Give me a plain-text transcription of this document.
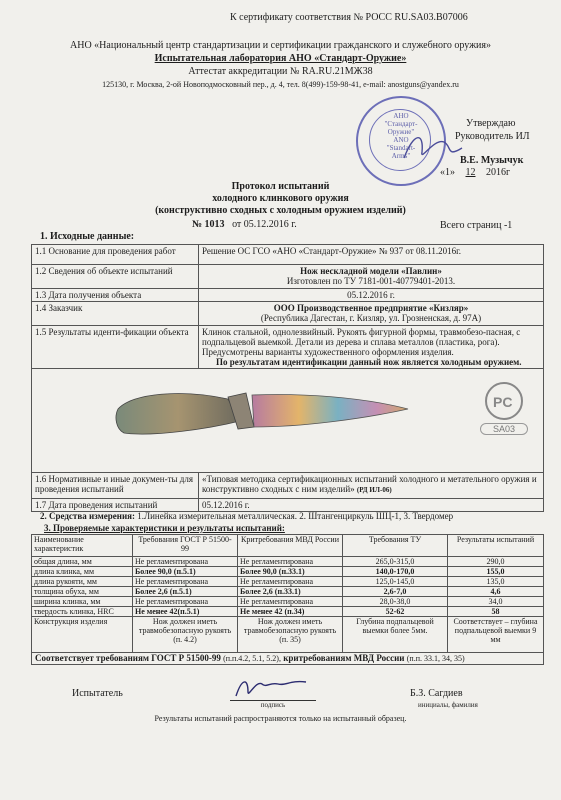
К сертификату соответствия № РОСС RU.SA03.B07006
АНО «Национальный центр стандартизации и сертификации гражданского и служебного оружия»
Испытательная лаборатория АНО «Стандарт-Оружие»
Аттестат аккредитации № RA.RU.21МЖ38
125130, г. Москва, 2-ой Новоподмосковный пер., д. 4, тел. 8(499)-159-98-41, e-mail: anostguns@yandex.ru
АНО
"Стандарт-
Оружие"
ANO
"Standart-
Arms"
Утверждаю
Руководитель ИЛ
В.Е. Музычук
«1» 12 2016г
Протокол испытаний
холодного клинкового оружия
(конструктивно сходных с холодным оружием изделий)
№ 1013 от 05.12.2016 г.	Всего страниц -1
1. Исходные данные:
1.1 Основание для проведения работ	Решение ОС ГСО «АНО «Стандарт-Оружие» № 937 от 08.11.2016г.
1.2 Сведения об объекте испытаний	Нож нескладной модели «Павлин»
Изготовлен по ТУ 7181-001-40779401-2013.

1.3 Дата получения объекта	05.12.2016 г.
1.4 Заказчик	ООО Производственное предприятие «Кизляр»
(Республика Дагестан, г. Кизляр, ул. Грозненская, д. 97А)

1.5 Результаты иденти-фикации объекта	Клинок стальной, однолезвийный. Рукоять фигурной формы, травмобезо-пасная, с подпальцевой выемкой. Детали из дерева и сплава металлов (пластика, рога). Предусмотрены варианты художественного оформления изделия.
По результатам идентификации данный нож является холодным оружием.

PC
SA03	

1.6 Нормативные и иные докумен-ты для проведения испытаний	«Типовая методика сертификационных испытаний холодного и метательного оружия и конструктивно сходных с ним изделий» (РД ИЛ-06)
1.7 Дата проведения испытаний	05.12.2016 г.
2. Средства измерения: 1.Линейка измерительная металлическая. 2. Штангенциркуль ШЦ-1, 3. Твердомер
3. Проверяемые характеристики и результаты испытаний:
Наименование характеристик	Требования ГОСТ Р 51500-99	Критребования МВД России	Требования ТУ	Результаты испытаний
общая длина, мм	Не регламентирована	Не регламентирована	265,0-315,0	290,0
длина клинка, мм	Более 90,0 (п.5.1)	Более 90,0 (п.33.1)	140,0-170,0	155,0
длина рукояти, мм	Не регламентирована	Не регламентирована	125,0-145,0	135,0
толщина обуха, мм	Более 2,6 (п.5.1)	Более 2,6 (п.33.1)	2,6-7,0	4,6
ширина клинка, мм	Не регламентирована	Не регламентирована	28,0-38,0	34,0
твердость клинка, HRC	Не менее 42(п.5.1)	Не менее 42 (п.34)	52-62	58
Конструкция изделия	Нож должен иметь травмобезопасную рукоять (п. 4.2)	Нож должен иметь травмобезопасную рукоять (п. 35)	Глубина подпальцевой выемки более 5мм.	Соответствует – глубина подпальцевой выемки 9 мм
Соответствует требованиям ГОСТ Р 51500-99 (п.п.4.2, 5.1, 5.2), критребованиям МВД России (п.п. 33.1, 34, 35)				
Испытатель
подпись
Б.З. Сагдиев
инициалы, фамилия
Результаты испытаний распространяются только на испытанный образец.
